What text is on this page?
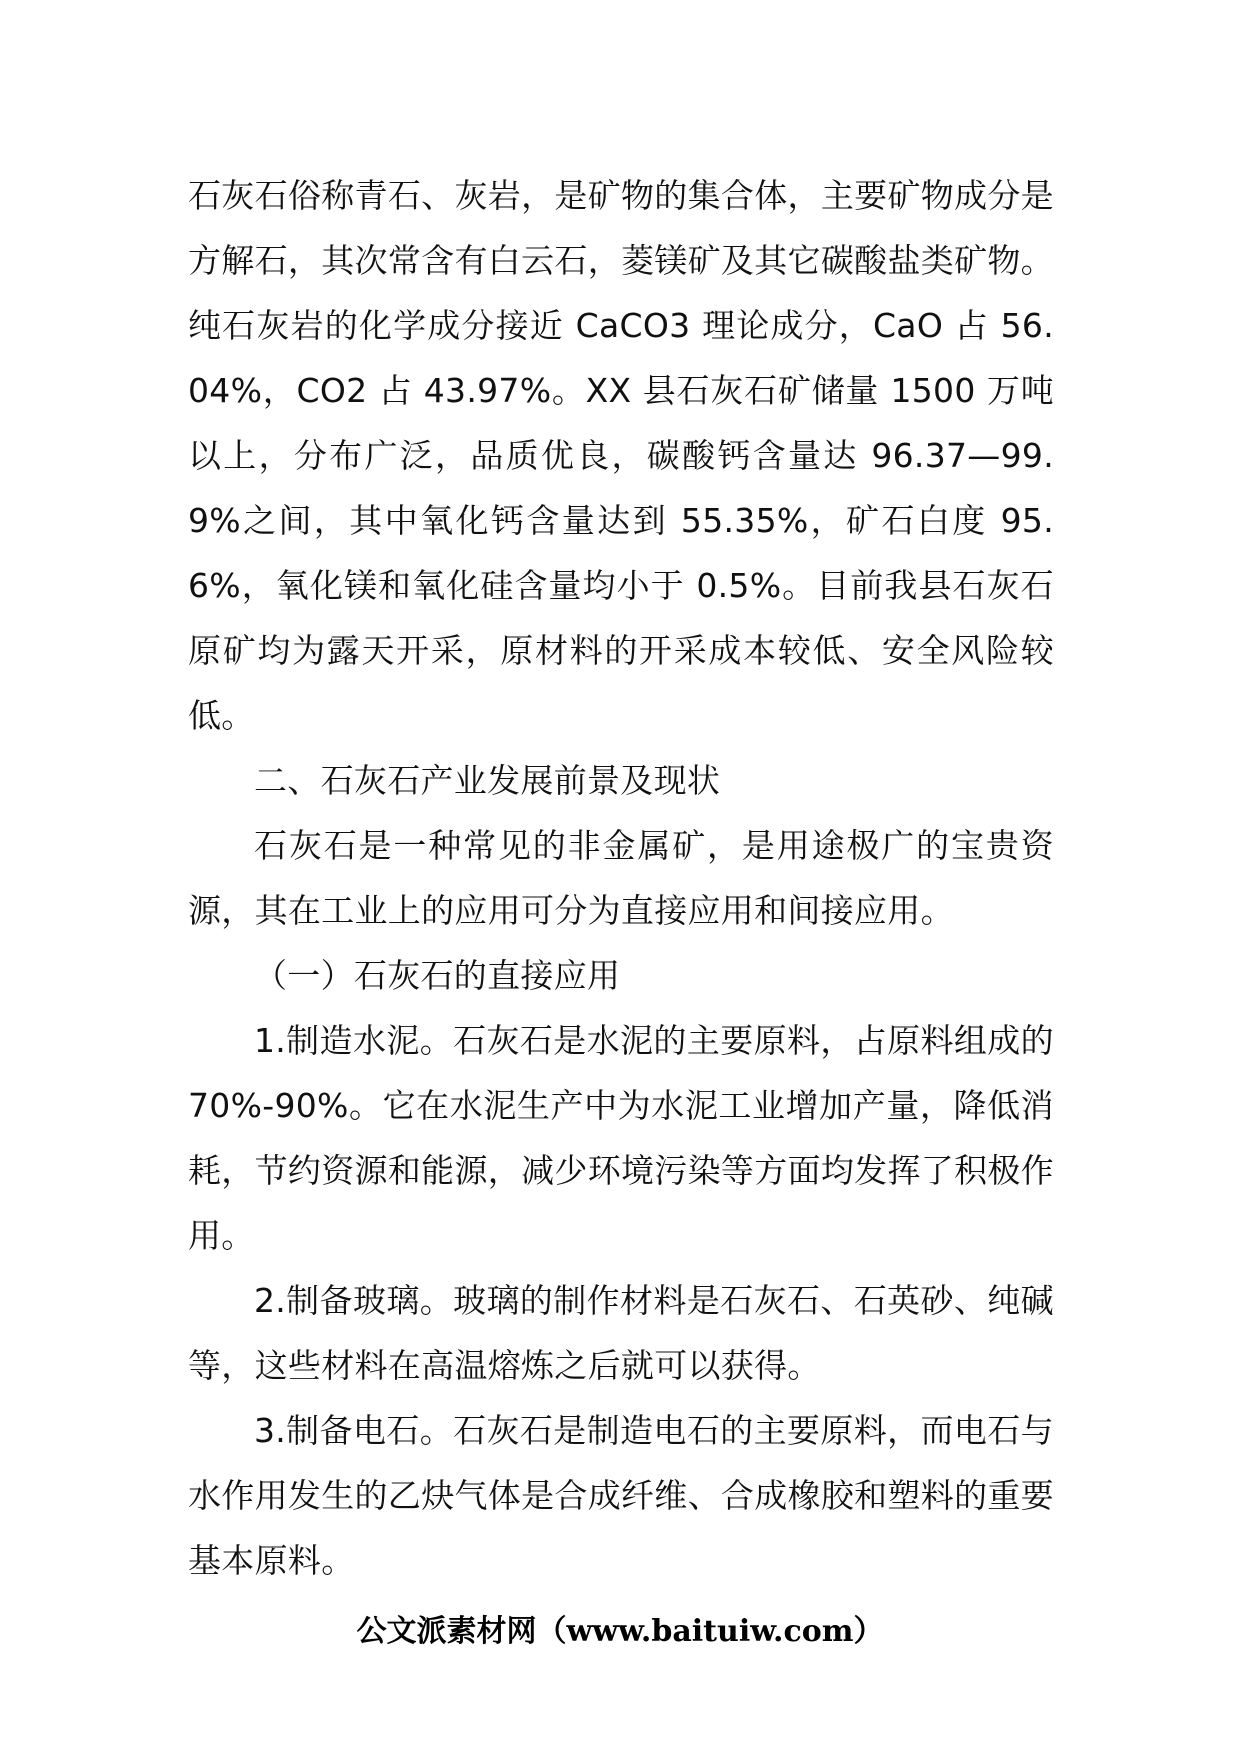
石灰石俗称青石、灰岩，是矿物的集合体，主要矿物成分是方解石，其次常含有白云石，菱镁矿及其它碳酸盐类矿物。纯石灰岩的化学成分接近 CaCO3 理论成分，CaO 占 56.04%，CO2 占 43.97%。XX 县石灰石矿储量 1500 万吨以上，分布广泛，品质优良，碳酸钙含量达 96.37—99.9%之间，其中氧化钙含量达到 55.35%，矿石白度 95.6%，氧化镁和氧化硅含量均小于 0.5%。目前我县石灰石原矿均为露天开采，原材料的开采成本较低、安全风险较低。

二、石灰石产业发展前景及现状

石灰石是一种常见的非金属矿，是用途极广的宝贵资源，其在工业上的应用可分为直接应用和间接应用。

（一）石灰石的直接应用

1.制造水泥。石灰石是水泥的主要原料，占原料组成的 70%-90%。它在水泥生产中为水泥工业增加产量，降低消耗，节约资源和能源，减少环境污染等方面均发挥了积极作用。

2.制备玻璃。玻璃的制作材料是石灰石、石英砂、纯碱等，这些材料在高温熔炼之后就可以获得。

3.制备电石。石灰石是制造电石的主要原料，而电石与水作用发生的乙炔气体是合成纤维、合成橡胶和塑料的重要基本原料。

公文派素材网（www.baituiw.com）
